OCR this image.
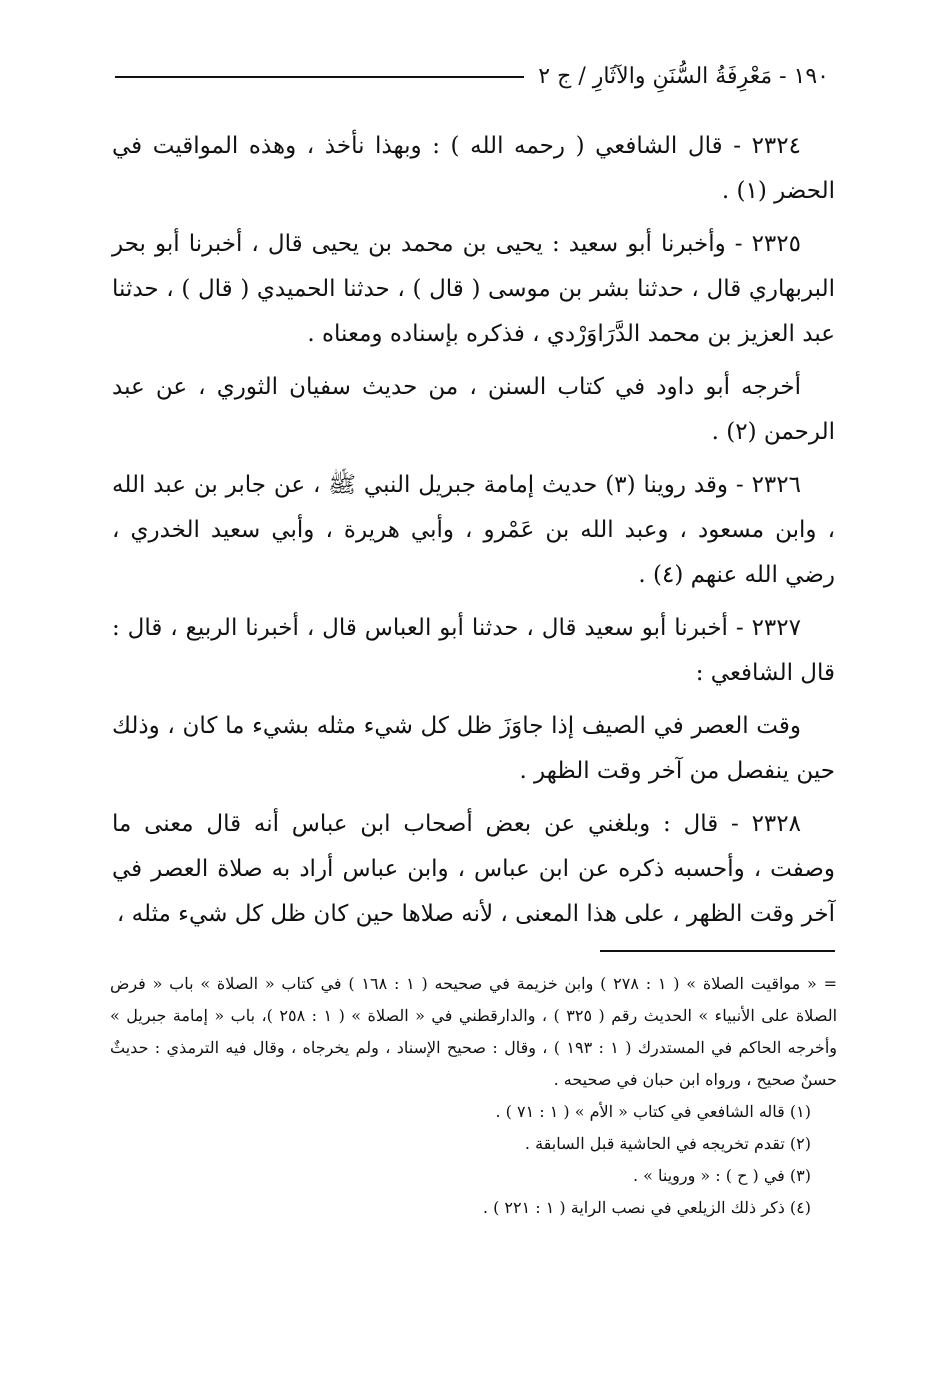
١٩٠ - مَعْرِفَةُ السُّنَنِ والآثَارِ / ج ٢

٢٣٢٤ - قال الشافعي ( رحمه الله ) : وبهذا نأخذ ، وهذه المواقيت في الحضر (١) .

٢٣٢٥ - وأخبرنا أبو سعيد : يحيى بن محمد بن يحيى قال ، أخبرنا أبو بحر البربهاري قال ، حدثنا بشر بن موسى ( قال ) ، حدثنا الحميدي ( قال ) ، حدثنا عبد العزيز بن محمد الدَّرَاوَرْدي ، فذكره بإسناده ومعناه .

أخرجه أبو داود في كتاب السنن ، من حديث سفيان الثوري ، عن عبد الرحمن (٢) .

٢٣٢٦ - وقد روينا (٣) حديث إمامة جبريل النبي ﷺ ، عن جابر بن عبد الله ، وابن مسعود ، وعبد الله بن عَمْرو ، وأبي هريرة ، وأبي سعيد الخدري ، رضي الله عنهم (٤) .

٢٣٢٧ - أخبرنا أبو سعيد قال ، حدثنا أبو العباس قال ، أخبرنا الربيع ، قال : قال الشافعي :

وقت العصر في الصيف إذا جاوَزَ ظل كل شيء مثله بشيء ما كان ، وذلك حين ينفصل من آخر وقت الظهر .

٢٣٢٨ - قال : وبلغني عن بعض أصحاب ابن عباس أنه قال معنى ما وصفت ، وأحسبه ذكره عن ابن عباس ، وابن عباس أراد به صلاة العصر في آخر وقت الظهر ، على هذا المعنى ، لأنه صلاها حين كان ظل كل شيء مثله ،

= « مواقيت الصلاة » ( ١ : ٢٧٨ ) وابن خزيمة في صحيحه ( ١ : ١٦٨ ) في كتاب « الصلاة » باب « فرض الصلاة على الأنبياء » الحديث رقم ( ٣٢٥ ) ، والدارقطني في « الصلاة » ( ١ : ٢٥٨ )، باب « إمامة جبريل » وأخرجه الحاكم في المستدرك ( ١ : ١٩٣ ) ، وقال : صحيح الإسناد ، ولم يخرجاه ، وقال فيه الترمذي : حديثٌ حسنٌ صحيح ، ورواه ابن حبان في صحيحه .

(١) قاله الشافعي في كتاب « الأم » ( ١ : ٧١ ) .

(٢) تقدم تخريجه في الحاشية قبل السابقة .

(٣) في ( ح ) : « وروينا » .

(٤) ذكر ذلك الزيلعي في نصب الراية ( ١ : ٢٢١ ) .
